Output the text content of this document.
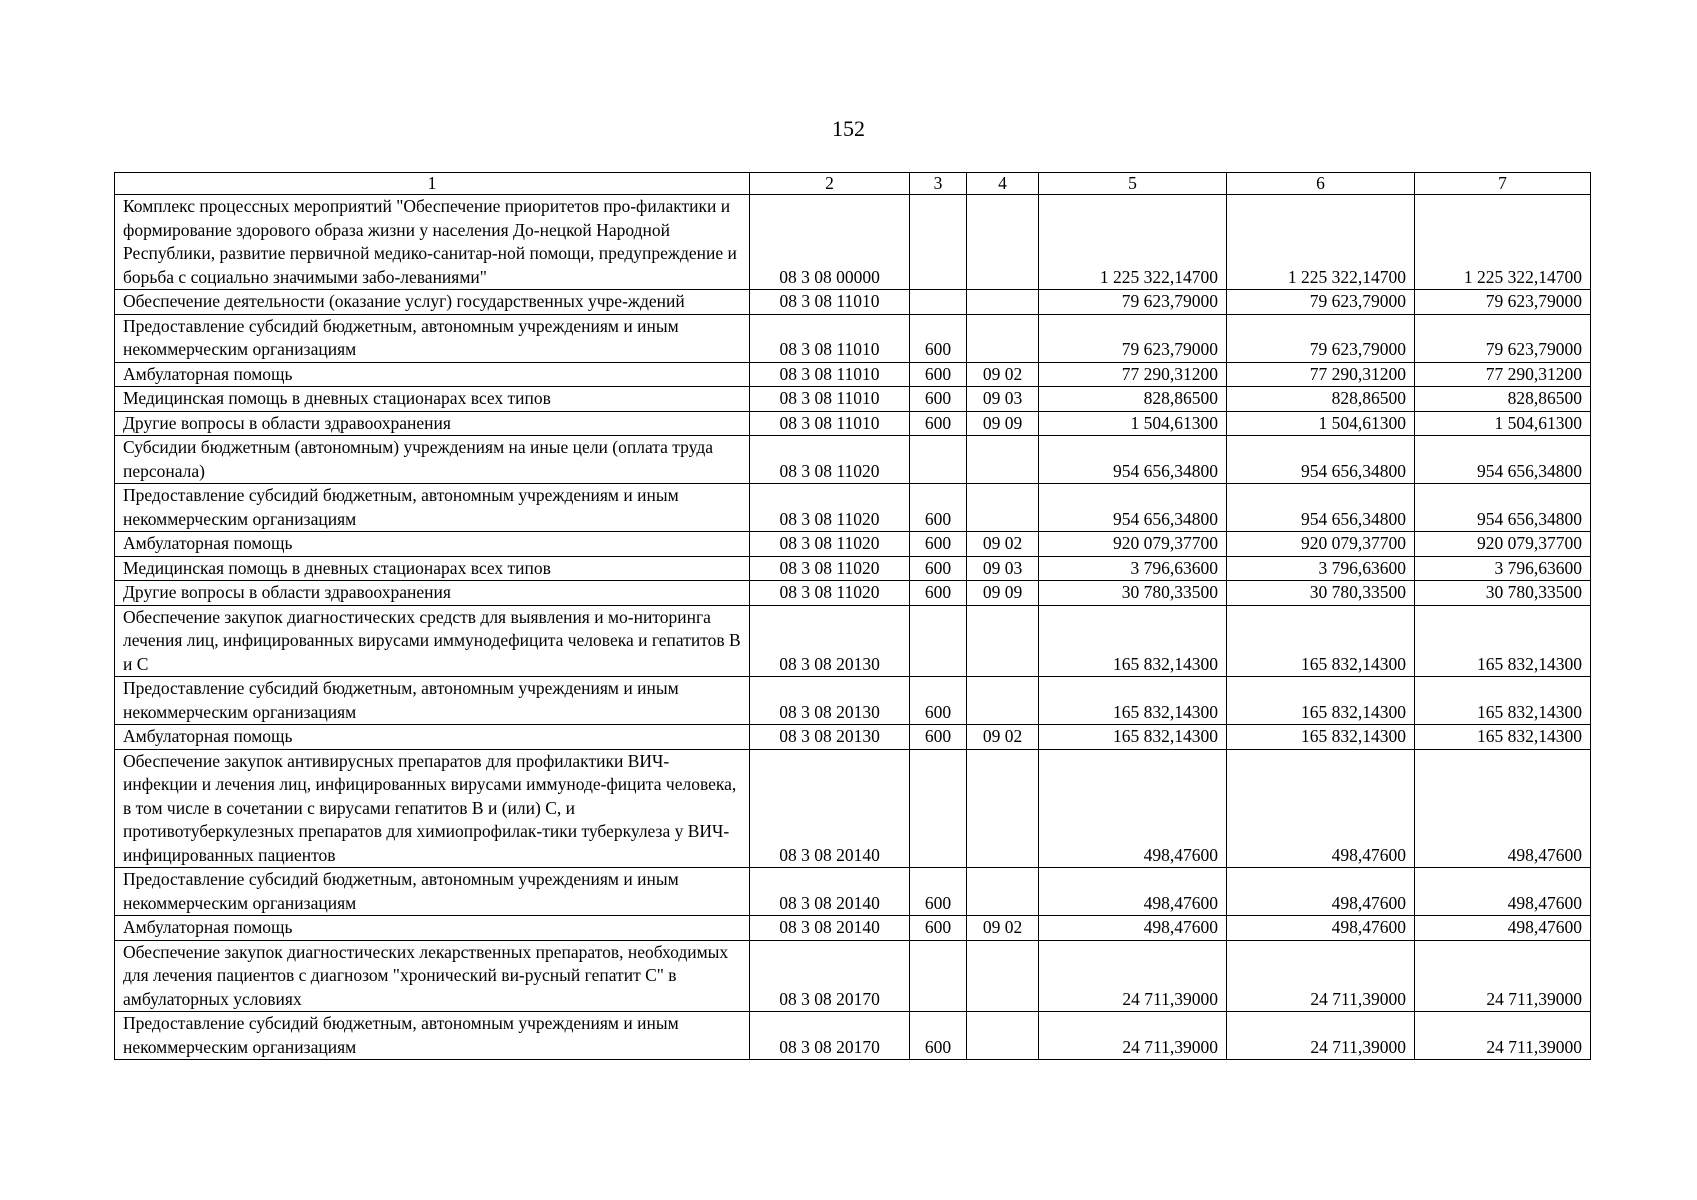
152
1	2	3	4	5	6	7
Комплекс процессных мероприятий "Обеспечение приоритетов про-филактики и формирование здорового образа жизни у населения До-нецкой Народной Республики, развитие первичной медико-санитар-ной помощи, предупреждение и борьба с социально значимыми забо-леваниями"	08 3 08 00000			1 225 322,14700	1 225 322,14700	1 225 322,14700
Обеспечение деятельности (оказание услуг) государственных учре-ждений	08 3 08 11010			79 623,79000	79 623,79000	79 623,79000
Предоставление субсидий бюджетным, автономным учреждениям и иным некоммерческим организациям	08 3 08 11010	600		79 623,79000	79 623,79000	79 623,79000
Амбулаторная помощь	08 3 08 11010	600	09 02	77 290,31200	77 290,31200	77 290,31200
Медицинская помощь в дневных стационарах всех типов	08 3 08 11010	600	09 03	828,86500	828,86500	828,86500
Другие вопросы в области здравоохранения	08 3 08 11010	600	09 09	1 504,61300	1 504,61300	1 504,61300
Субсидии бюджетным (автономным) учреждениям на иные цели (оплата труда персонала)	08 3 08 11020			954 656,34800	954 656,34800	954 656,34800
Предоставление субсидий бюджетным, автономным учреждениям и иным некоммерческим организациям	08 3 08 11020	600		954 656,34800	954 656,34800	954 656,34800
Амбулаторная помощь	08 3 08 11020	600	09 02	920 079,37700	920 079,37700	920 079,37700
Медицинская помощь в дневных стационарах всех типов	08 3 08 11020	600	09 03	3 796,63600	3 796,63600	3 796,63600
Другие вопросы в области здравоохранения	08 3 08 11020	600	09 09	30 780,33500	30 780,33500	30 780,33500
Обеспечение закупок диагностических средств для выявления и мо-ниторинга лечения лиц, инфицированных вирусами иммунодефицита человека и гепатитов B и C	08 3 08 20130			165 832,14300	165 832,14300	165 832,14300
Предоставление субсидий бюджетным, автономным учреждениям и иным некоммерческим организациям	08 3 08 20130	600		165 832,14300	165 832,14300	165 832,14300
Амбулаторная помощь	08 3 08 20130	600	09 02	165 832,14300	165 832,14300	165 832,14300
Обеспечение закупок антивирусных препаратов для профилактики ВИЧ-инфекции и лечения лиц, инфицированных вирусами иммуноде-фицита человека, в том числе в сочетании с вирусами гепатитов B и (или) C, и противотуберкулезных препаратов для химиопрофилак-тики туберкулеза у ВИЧ-инфицированных пациентов	08 3 08 20140			498,47600	498,47600	498,47600
Предоставление субсидий бюджетным, автономным учреждениям и иным некоммерческим организациям	08 3 08 20140	600		498,47600	498,47600	498,47600
Амбулаторная помощь	08 3 08 20140	600	09 02	498,47600	498,47600	498,47600
Обеспечение закупок диагностических лекарственных препаратов, необходимых для лечения пациентов с диагнозом "хронический ви-русный гепатит C" в амбулаторных условиях	08 3 08 20170			24 711,39000	24 711,39000	24 711,39000
Предоставление субсидий бюджетным, автономным учреждениям и иным некоммерческим организациям	08 3 08 20170	600		24 711,39000	24 711,39000	24 711,39000
